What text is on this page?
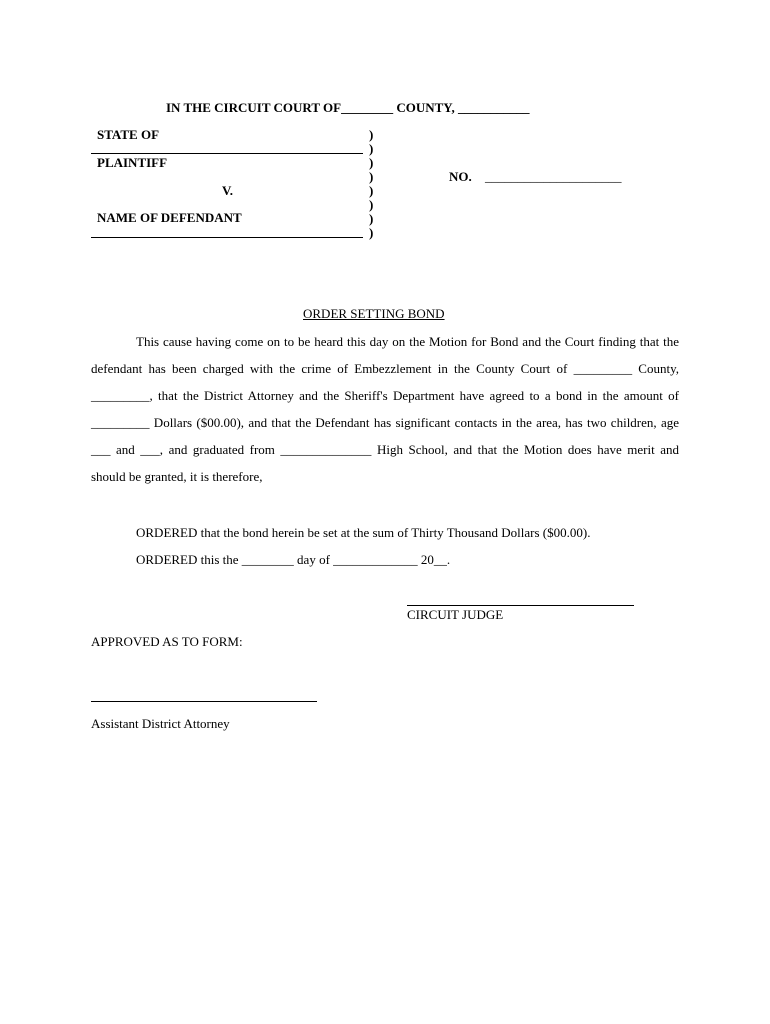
IN THE CIRCUIT COURT OF________ COUNTY, ___________
STATE OF
PLAINTIFF
V.
NAME OF DEFENDANT
)
)
)
)
)
)
)
)
NO. _____________________
ORDER SETTING BOND
This cause having come on to be heard this day on the Motion for Bond and the Court finding that the defendant has been charged with the crime of Embezzlement in the County Court of _________ County, _________, that the District Attorney and the Sheriff's Department have agreed to a bond in the amount of _________ Dollars ($00.00), and that the Defendant has significant contacts in the area, has two children, age ___ and ___, and graduated from ______________ High School, and that the Motion does have merit and should be granted, it is therefore,
ORDERED that the bond herein be set at the sum of Thirty Thousand Dollars ($00.00).
ORDERED this the ________ day of _____________ 20__.
CIRCUIT JUDGE
APPROVED AS TO FORM:
Assistant District Attorney
